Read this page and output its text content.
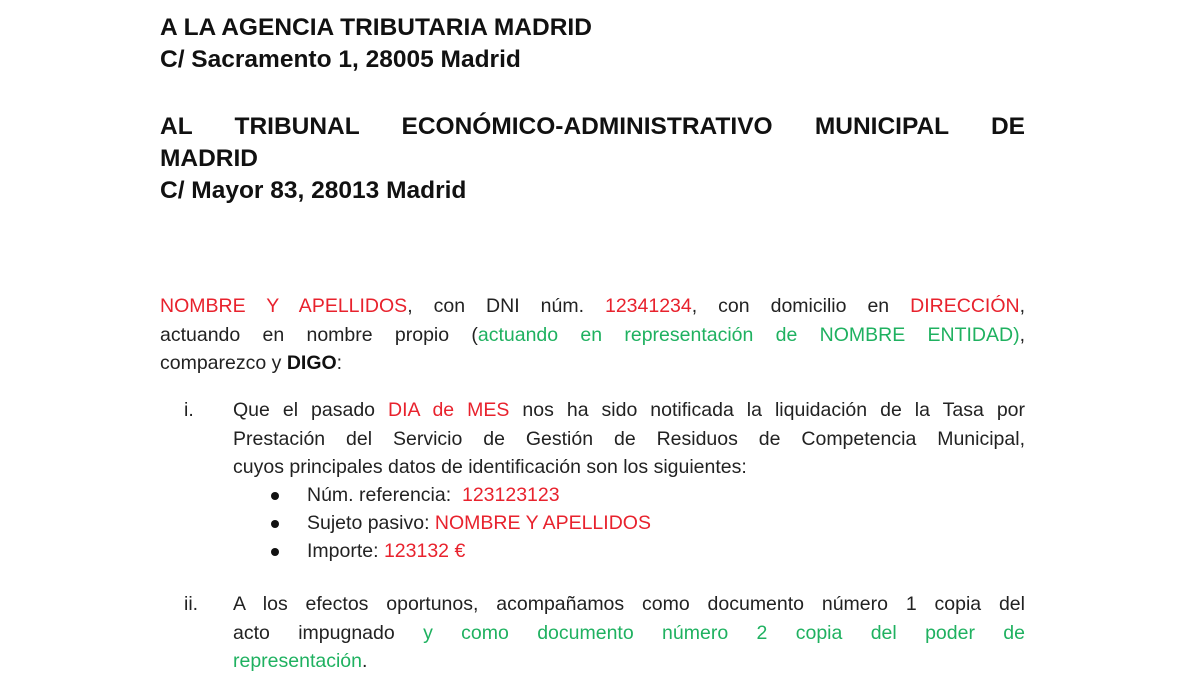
A LA AGENCIA TRIBUTARIA MADRID

C/ Sacramento 1, 28005 Madrid

AL TRIBUNAL ECONÓMICO-ADMINISTRATIVO MUNICIPAL DE

MADRID

C/ Mayor 83, 28013 Madrid

NOMBRE Y APELLIDOS, con DNI núm. 12341234, con domicilio en DIRECCIÓN,
actuando en nombre propio (actuando en representación de NOMBRE ENTIDAD),
comparezco y DIGO:
i. Que el pasado DIA de MES nos ha sido notificada la liquidación de la Tasa por
Prestación del Servicio de Gestión de Residuos de Competencia Municipal,
cuyos principales datos de identificación son los siguientes:
Núm. referencia:  123123123
Sujeto pasivo: NOMBRE Y APELLIDOS
Importe: 123132 €
ii. A los efectos oportunos, acompañamos como documento número 1 copia del
acto impugnado y como documento número 2 copia del poder de
representación.
